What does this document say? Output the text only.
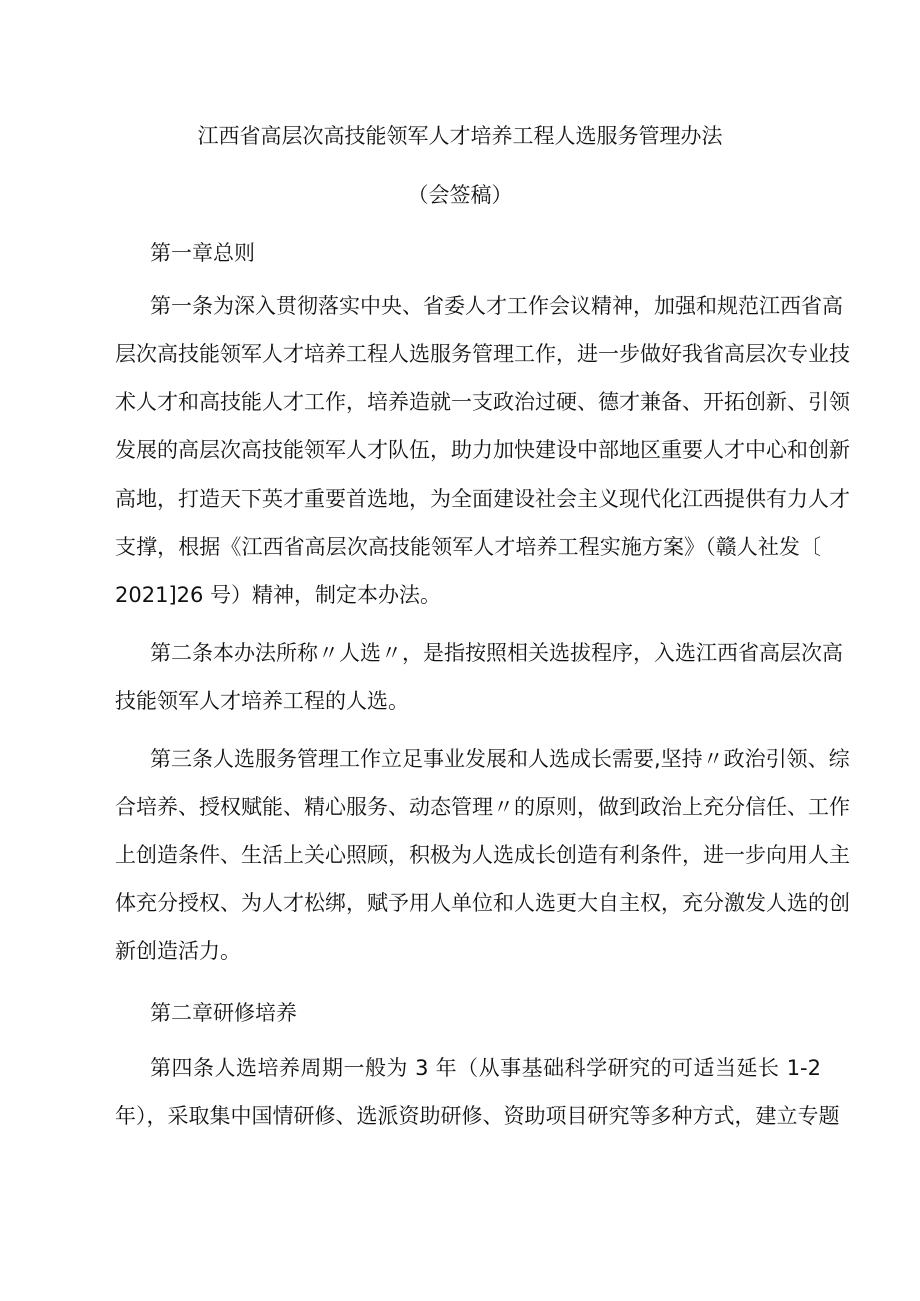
江西省高层次高技能领军人才培养工程人选服务管理办法
（会签稿）
第一章总则
第一条为深入贯彻落实中央、省委人才工作会议精神，加强和规范江西省高
层次高技能领军人才培养工程人选服务管理工作，进一步做好我省高层次专业技
术人才和高技能人才工作，培养造就一支政治过硬、德才兼备、开拓创新、引领
发展的高层次高技能领军人才队伍，助力加快建设中部地区重要人才中心和创新
高地，打造天下英才重要首选地，为全面建设社会主义现代化江西提供有力人才
支撑，根据《江西省高层次高技能领军人才培养工程实施方案》（赣人社发〔
2021]26 号）精神，制定本办法。
第二条本办法所称〃人选〃，是指按照相关选拔程序，入选江西省高层次高
技能领军人才培养工程的人选。
第三条人选服务管理工作立足事业发展和人选成长需要,坚持〃政治引领、综
合培养、授权赋能、精心服务、动态管理〃的原则，做到政治上充分信任、工作
上创造条件、生活上关心照顾，积极为人选成长创造有利条件，进一步向用人主
体充分授权、为人才松绑，赋予用人单位和人选更大自主权，充分激发人选的创
新创造活力。
第二章研修培养
第四条人选培养周期一般为 3 年（从事基础科学研究的可适当延长 1-2
年），采取集中国情研修、选派资助研修、资助项目研究等多种方式，建立专题
